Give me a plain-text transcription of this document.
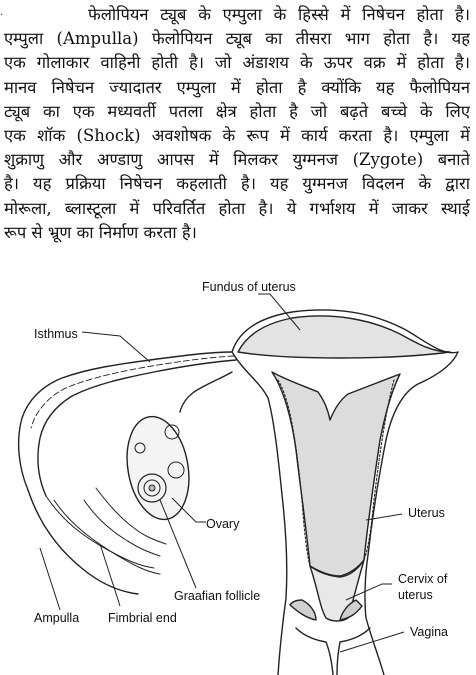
.	फेलोपियन ट्यूब के एम्पुला के हिस्से में निषेचन होता है।
एम्पुला (Ampulla) फेलोपियन ट्यूब का तीसरा भाग होता है। यह
एक गोलाकार वाहिनी होती है। जो अंडाशय के ऊपर वक्र में होता है।
मानव निषेचन ज्यादातर एम्पुला में होता है क्योंकि यह फैलोपियन
ट्यूब का एक मध्यवर्ती पतला क्षेत्र होता है जो बढ़ते बच्चे के लिए
एक शॉक (Shock) अवशोषक के रूप में कार्य करता है। एम्पुला में
शुक्राणु और अण्डाणु आपस में मिलकर युग्मनज (Zygote) बनाते
है। यह प्रक्रिया निषेचन कहलाती है। यह युग्मनज विदलन के द्वारा
मोरूला, ब्लास्टूला में परिवर्तित होता है। ये गर्भाशय में जाकर स्थाई
रूप से भ्रूण का निर्माण करता है।
Fundus of uterus
Isthmus
Uterus
Ovary
Cervix of
uterus
Graafian follicle
Ampulla Fimbrial end
Vagina
